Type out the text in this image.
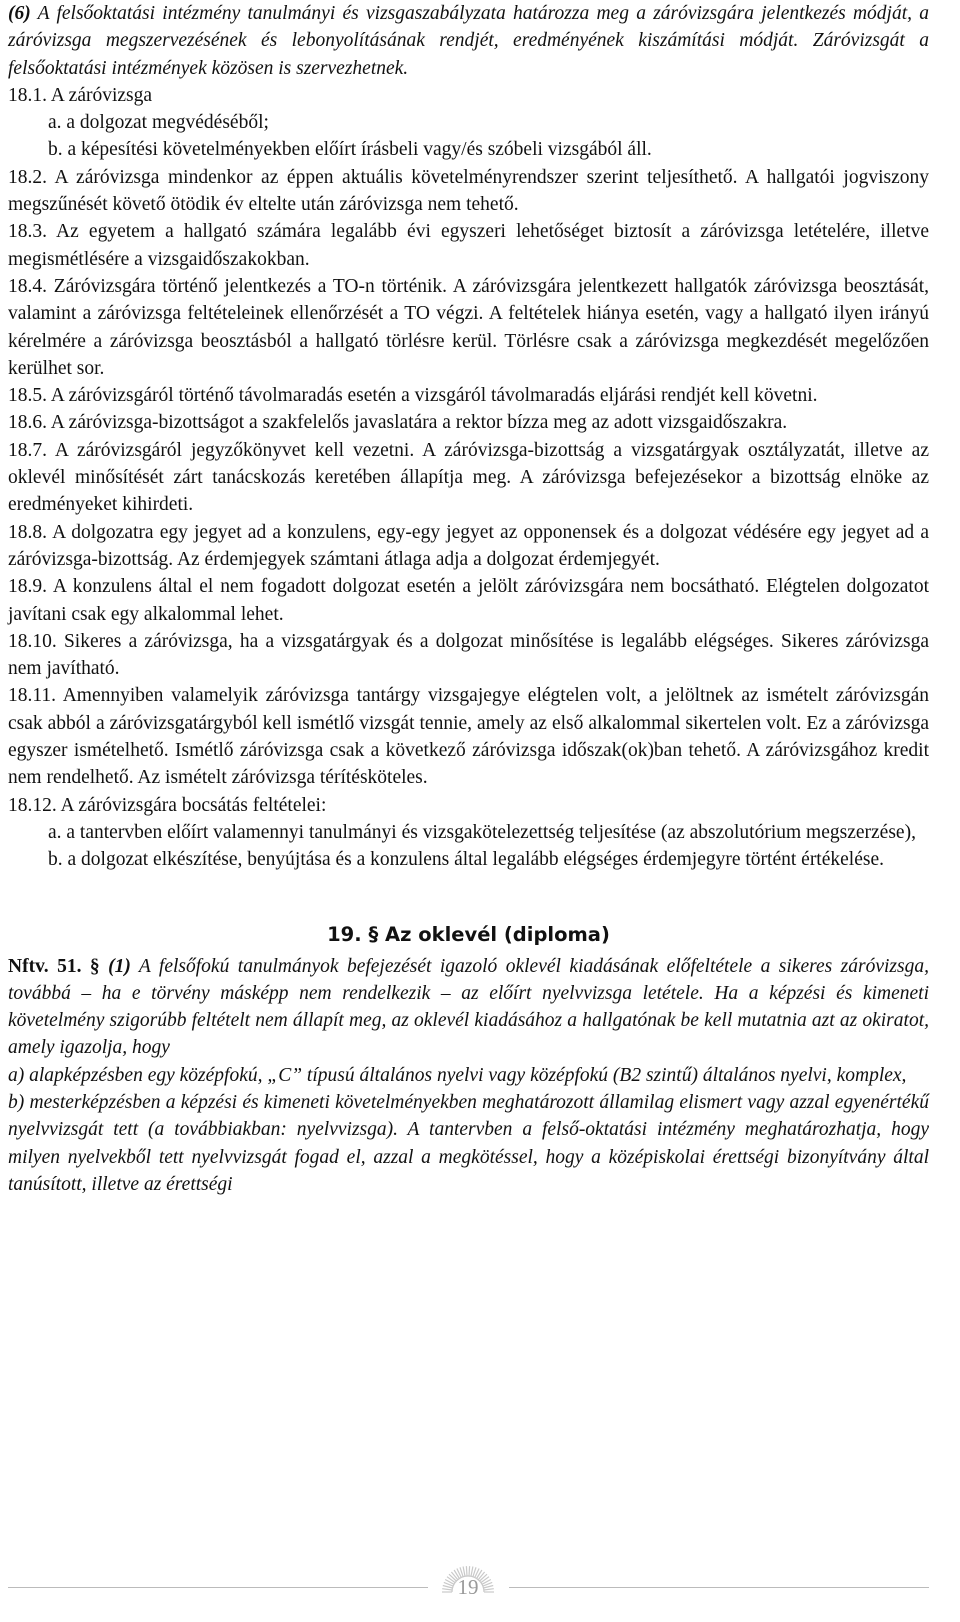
(6) A felsőoktatási intézmény tanulmányi és vizsgaszabályzata határozza meg a záróvizsgára jelentkezés módját, a záróvizsga megszervezésének és lebonyolításának rendjét, eredményének kiszámítási módját. Záróvizsgát a felsőoktatási intézmények közösen is szervezhetnek.

18.1. A záróvizsga

a. a dolgozat megvédéséből;

b. a képesítési követelményekben előírt írásbeli vagy/és szóbeli vizsgából áll.

18.2. A záróvizsga mindenkor az éppen aktuális követelményrendszer szerint teljesíthető. A hallgatói jogviszony megszűnését követő ötödik év eltelte után záróvizsga nem tehető.

18.3. Az egyetem a hallgató számára legalább évi egyszeri lehetőséget biztosít a záróvizsga letételére, illetve megismétlésére a vizsgaidőszakokban.

18.4. Záróvizsgára történő jelentkezés a TO-n történik. A záróvizsgára jelentkezett hallgatók záróvizsga beosztását, valamint a záróvizsga feltételeinek ellenőrzését a TO végzi. A feltételek hiánya esetén, vagy a hallgató ilyen irányú kérelmére a záróvizsga beosztásból a hallgató törlésre kerül. Törlésre csak a záróvizsga megkezdését megelőzően kerülhet sor.

18.5. A záróvizsgáról történő távolmaradás esetén a vizsgáról távolmaradás eljárási rendjét kell követni.

18.6. A záróvizsga-bizottságot a szakfelelős javaslatára a rektor bízza meg az adott vizsgaidőszakra.

18.7. A záróvizsgáról jegyzőkönyvet kell vezetni. A záróvizsga-bizottság a vizsgatárgyak osztályzatát, illetve az oklevél minősítését zárt tanácskozás keretében állapítja meg. A záróvizsga befejezésekor a bizottság elnöke az eredményeket kihirdeti.

18.8. A dolgozatra egy jegyet ad a konzulens, egy-egy jegyet az opponensek és a dolgozat védésére egy jegyet ad a záróvizsga-bizottság. Az érdemjegyek számtani átlaga adja a dolgozat érdemjegyét.

18.9. A konzulens által el nem fogadott dolgozat esetén a jelölt záróvizsgára nem bocsátható. Elégtelen dolgozatot javítani csak egy alkalommal lehet.

18.10. Sikeres a záróvizsga, ha a vizsgatárgyak és a dolgozat minősítése is legalább elégséges. Sikeres záróvizsga nem javítható.

18.11. Amennyiben valamelyik záróvizsga tantárgy vizsgajegye elégtelen volt, a jelöltnek az ismételt záróvizsgán csak abból a záróvizsgatárgyból kell ismétlő vizsgát tennie, amely az első alkalommal sikertelen volt. Ez a záróvizsga egyszer ismételhető. Ismétlő záróvizsga csak a következő záróvizsga időszak(ok)ban tehető. A záróvizsgához kredit nem rendelhető. Az ismételt záróvizsga térítésköteles.

18.12. A záróvizsgára bocsátás feltételei:

a. a tantervben előírt valamennyi tanulmányi és vizsgakötelezettség teljesítése (az abszolutórium megszerzése),

b. a dolgozat elkészítése, benyújtása és a konzulens által legalább elégséges érdemjegyre történt értékelése.

19. § Az oklevél (diploma)

Nftv. 51. § (1) A felsőfokú tanulmányok befejezését igazoló oklevél kiadásának előfeltétele a sikeres záróvizsga, továbbá – ha e törvény másképp nem rendelkezik – az előírt nyelvvizsga letétele. Ha a képzési és kimeneti követelmény szigorúbb feltételt nem állapít meg, az oklevél kiadásához a hallgatónak be kell mutatnia azt az okiratot, amely igazolja, hogy

a) alapképzésben egy középfokú, „C” típusú általános nyelvi vagy középfokú (B2 szintű) általános nyelvi, komplex,

b) mesterképzésben a képzési és kimeneti követelményekben meghatározott államilag elismert vagy azzal egyenértékű nyelvvizsgát tett (a továbbiakban: nyelvvizsga). A tantervben a felső-oktatási intézmény meghatározhatja, hogy milyen nyelvekből tett nyelvvizsgát fogad el, azzal a megkötéssel, hogy a középiskolai érettségi bizonyítvány által tanúsított, illetve az érettségi

19
